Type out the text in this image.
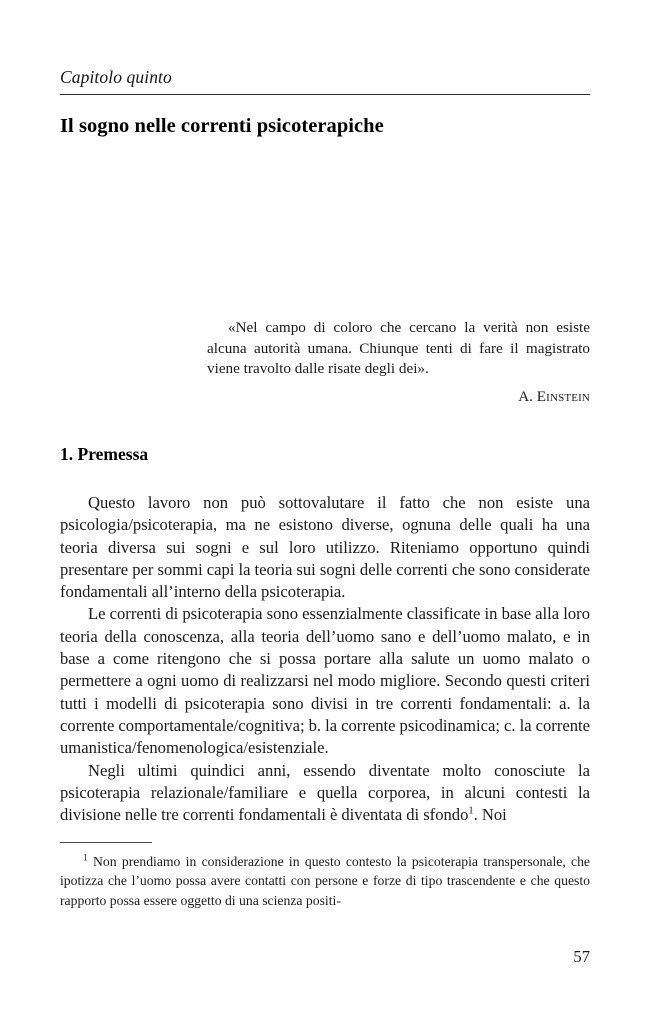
Capitolo quinto
Il sogno nelle correnti psicoterapiche

«Nel campo di coloro che cercano la verità non esiste alcuna autorità umana. Chiunque tenti di fare il magistrato viene travolto dalle risate degli dei».

A. Einstein

1. Premessa

Questo lavoro non può sottovalutare il fatto che non esiste una psicologia/psicoterapia, ma ne esistono diverse, ognuna delle quali ha una teoria diversa sui sogni e sul loro utilizzo. Riteniamo opportuno quindi presentare per sommi capi la teoria sui sogni delle correnti che sono considerate fondamentali all’interno della psicoterapia.

Le correnti di psicoterapia sono essenzialmente classificate in base alla loro teoria della conoscenza, alla teoria dell’uomo sano e dell’uomo malato, e in base a come ritengono che si possa portare alla salute un uomo malato o permettere a ogni uomo di realizzarsi nel modo migliore. Secondo questi criteri tutti i modelli di psicoterapia sono divisi in tre correnti fondamentali: a. la corrente comportamentale/cognitiva; b. la corrente psicodinamica; c. la corrente umanistica/fenomenologica/esistenziale.

Negli ultimi quindici anni, essendo diventate molto conosciute la psicoterapia relazionale/familiare e quella corporea, in alcuni contesti la divisione nelle tre correnti fondamentali è diventata di sfondo$^1$. Noi

$^1$ Non prendiamo in considerazione in questo contesto la psicoterapia transpersonale, che ipotizza che l’uomo possa avere contatti con persone e forze di tipo trascendente e che questo rapporto possa essere oggetto di una scienza positi-

57
